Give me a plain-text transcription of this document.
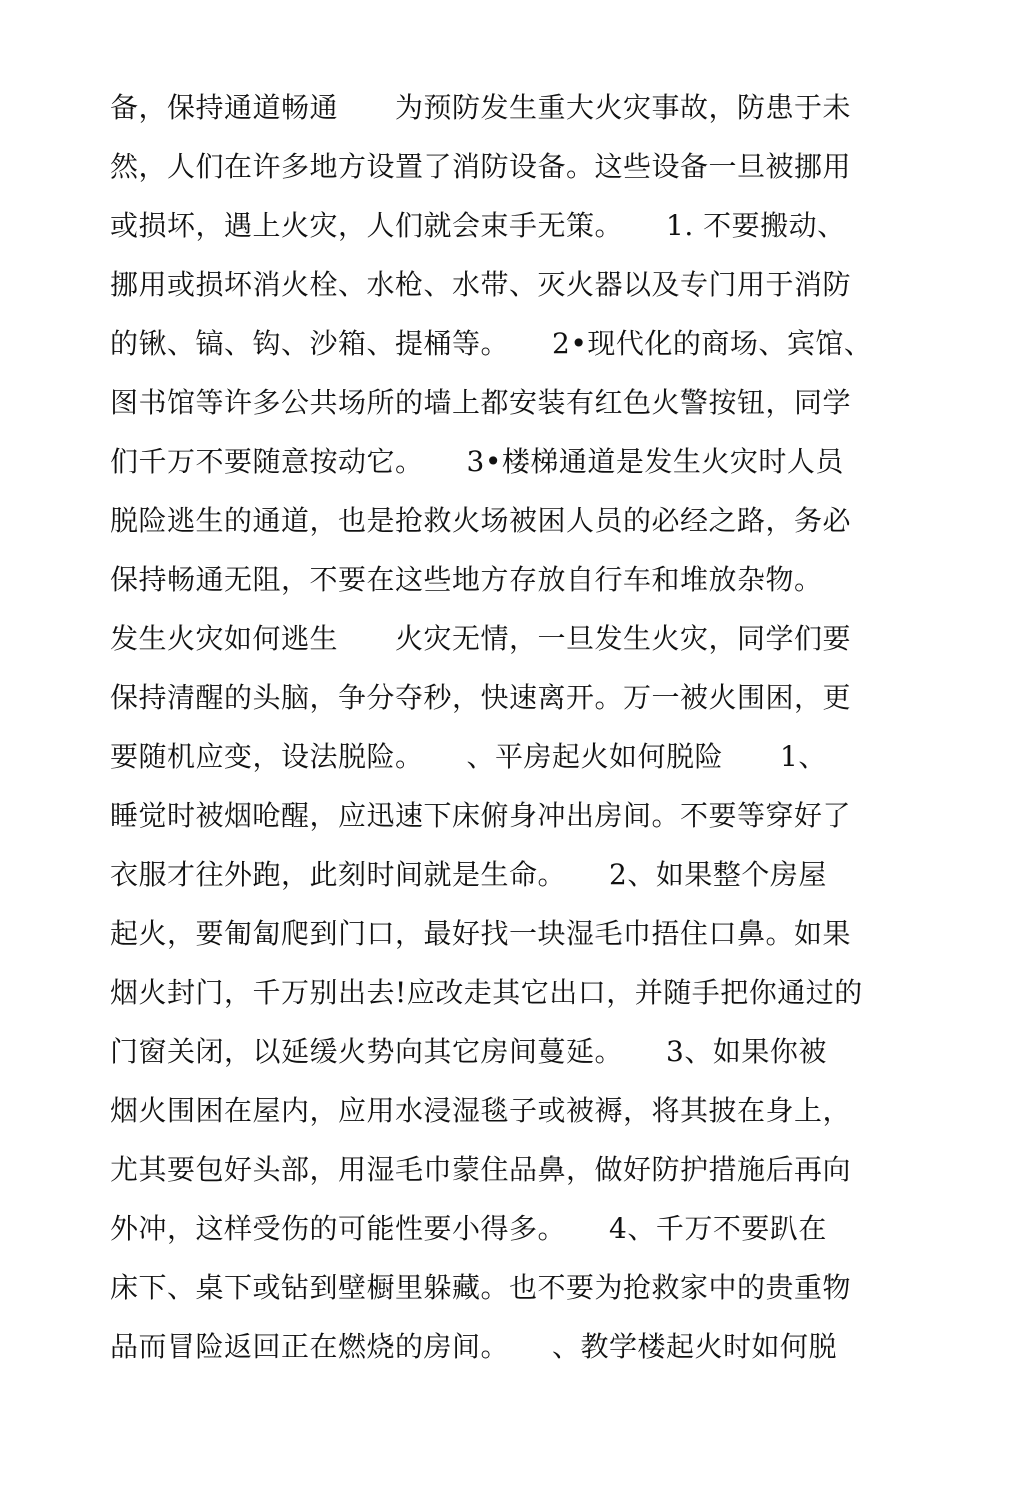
备，保持通道畅通　　为预防发生重大火灾事故，防患于未
然，人们在许多地方设置了消防设备。这些设备一旦被挪用
或损坏，遇上火灾，人们就会束手无策。　　1. 不要搬动、
挪用或损坏消火栓、水枪、水带、灭火器以及专门用于消防
的锹、镐、钩、沙箱、提桶等。　　2•现代化的商场、宾馆、
图书馆等许多公共场所的墙上都安装有红色火警按钮，同学
们千万不要随意按动它。　　3•楼梯通道是发生火灾时人员
脱险逃生的通道，也是抢救火场被困人员的必经之路，务必
保持畅通无阻，不要在这些地方存放自行车和堆放杂物。
发生火灾如何逃生　　火灾无情，一旦发生火灾，同学们要
保持清醒的头脑，争分夺秒，快速离开。万一被火围困，更
要随机应变，设法脱险。　　、平房起火如何脱险　　1、
睡觉时被烟呛醒，应迅速下床俯身冲出房间。不要等穿好了
衣服才往外跑，此刻时间就是生命。　　2、如果整个房屋
起火，要匍匐爬到门口，最好找一块湿毛巾捂住口鼻。如果
烟火封门，千万别出去!应改走其它出口，并随手把你通过的
门窗关闭，以延缓火势向其它房间蔓延。　　3、如果你被
烟火围困在屋内，应用水浸湿毯子或被褥，将其披在身上，
尤其要包好头部，用湿毛巾蒙住品鼻，做好防护措施后再向
外冲，这样受伤的可能性要小得多。　　4、千万不要趴在
床下、桌下或钻到壁橱里躲藏。也不要为抢救家中的贵重物
品而冒险返回正在燃烧的房间。　　、教学楼起火时如何脱
